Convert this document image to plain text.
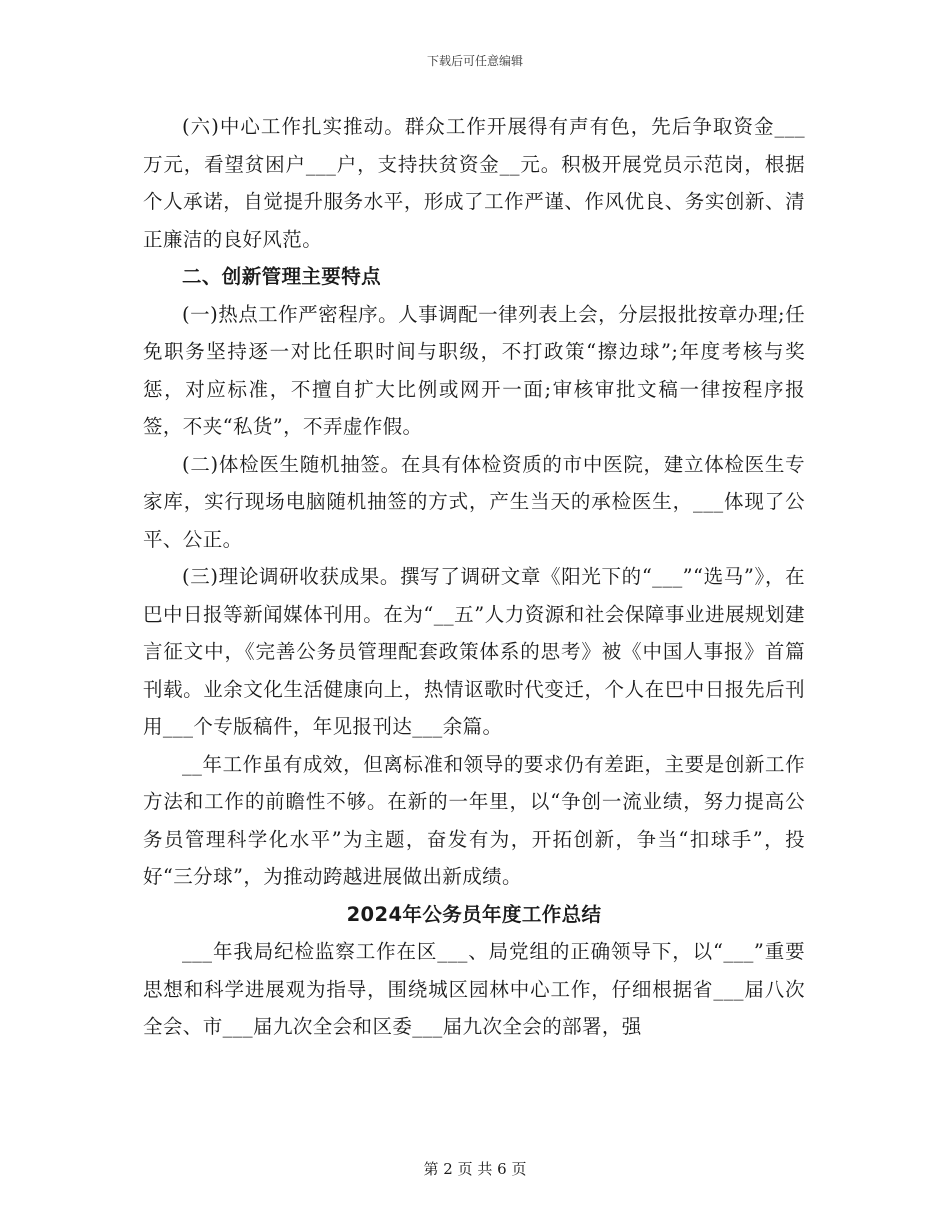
下载后可任意编辑

(六)中心工作扎实推动。群众工作开展得有声有色，先后争取资金___万元，看望贫困户___户，支持扶贫资金__元。积极开展党员示范岗，根据个人承诺，自觉提升服务水平，形成了工作严谨、作风优良、务实创新、清正廉洁的良好风范。

二、创新管理主要特点

(一)热点工作严密程序。人事调配一律列表上会，分层报批按章办理;任免职务坚持逐一对比任职时间与职级，不打政策“擦边球”;年度考核与奖惩，对应标准，不擅自扩大比例或网开一面;审核审批文稿一律按程序报签，不夹“私货”，不弄虚作假。

(二)体检医生随机抽签。在具有体检资质的市中医院，建立体检医生专家库，实行现场电脑随机抽签的方式，产生当天的承检医生，___体现了公平、公正。

(三)理论调研收获成果。撰写了调研文章《阳光下的“___”“选马”》，在巴中日报等新闻媒体刊用。在为“__五”人力资源和社会保障事业进展规划建言征文中，《完善公务员管理配套政策体系的思考》被《中国人事报》首篇刊载。业余文化生活健康向上，热情讴歌时代变迁，个人在巴中日报先后刊用___个专版稿件，年见报刊达___余篇。

__年工作虽有成效，但离标准和领导的要求仍有差距，主要是创新工作方法和工作的前瞻性不够。在新的一年里，以“争创一流业绩，努力提高公务员管理科学化水平”为主题，奋发有为，开拓创新，争当“扣球手”，投好“三分球”，为推动跨越进展做出新成绩。

2024年公务员年度工作总结

___年我局纪检监察工作在区___、局党组的正确领导下，以“___”重要思想和科学进展观为指导，围绕城区园林中心工作，仔细根据省___届八次全会、市___届九次全会和区委___届九次全会的部署，强

第 2 页 共 6 页
